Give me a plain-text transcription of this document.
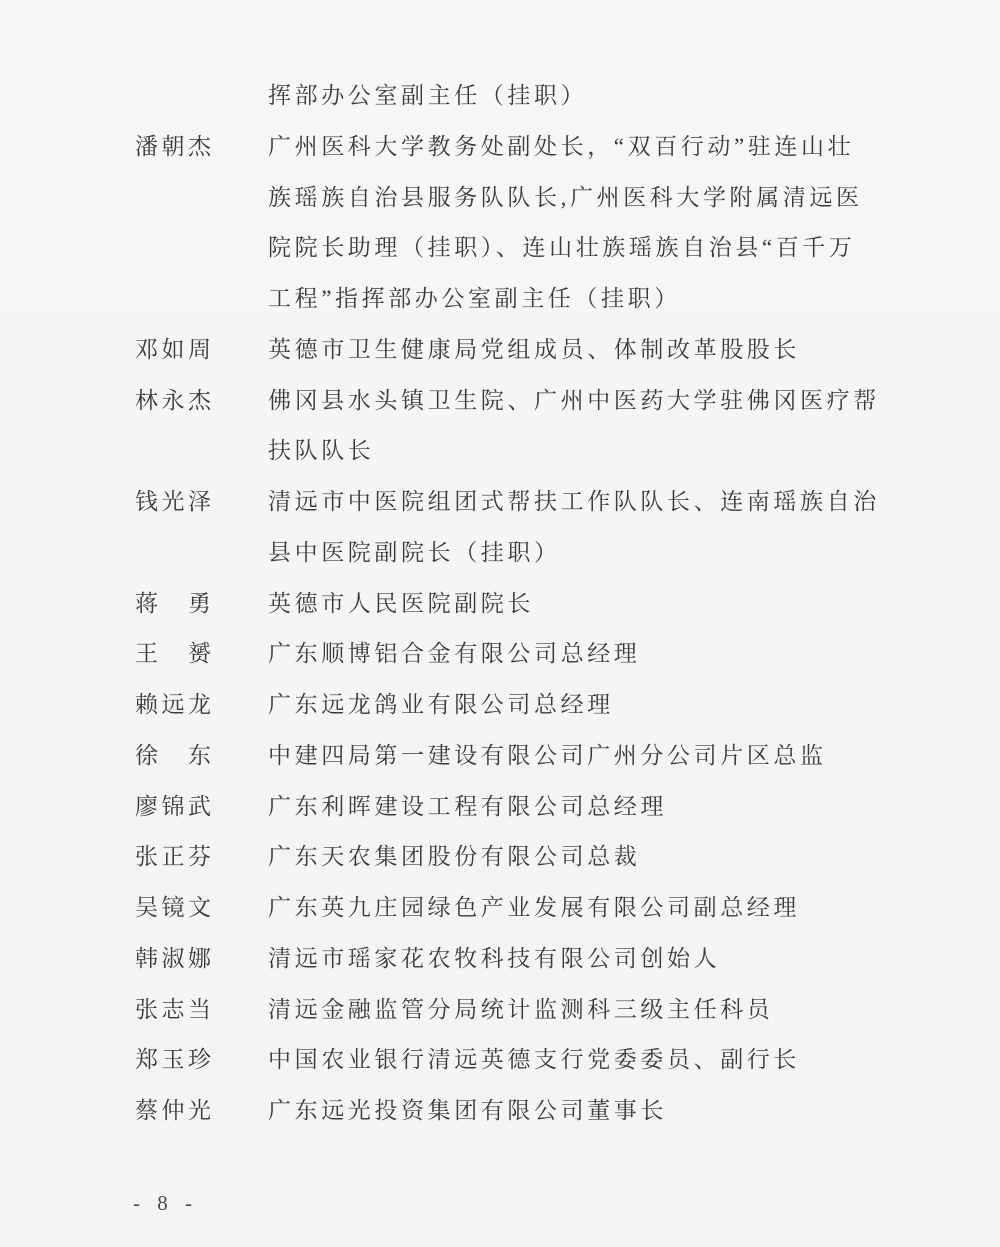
挥部办公室副主任（挂职）
潘朝杰	广州医科大学教务处副处长，“双百行动”驻连山壮
族瑶族自治县服务队队长,广州医科大学附属清远医
院院长助理（挂职）、连山壮族瑶族自治县“百千万
工程”指挥部办公室副主任（挂职）
邓如周	英德市卫生健康局党组成员、体制改革股股长
林永杰	佛冈县水头镇卫生院、广州中医药大学驻佛冈医疗帮
扶队队长
钱光泽	清远市中医院组团式帮扶工作队队长、连南瑶族自治
县中医院副院长（挂职）
蒋　勇	英德市人民医院副院长
王　赟	广东顺博铝合金有限公司总经理
赖远龙	广东远龙鸽业有限公司总经理
徐　东	中建四局第一建设有限公司广州分公司片区总监
廖锦武	广东利晖建设工程有限公司总经理
张正芬	广东天农集团股份有限公司总裁
吴镜文	广东英九庄园绿色产业发展有限公司副总经理
韩淑娜	清远市瑶家花农牧科技有限公司创始人
张志当	清远金融监管分局统计监测科三级主任科员
郑玉珍	中国农业银行清远英德支行党委委员、副行长
蔡仲光	广东远光投资集团有限公司董事长
- 8 -
